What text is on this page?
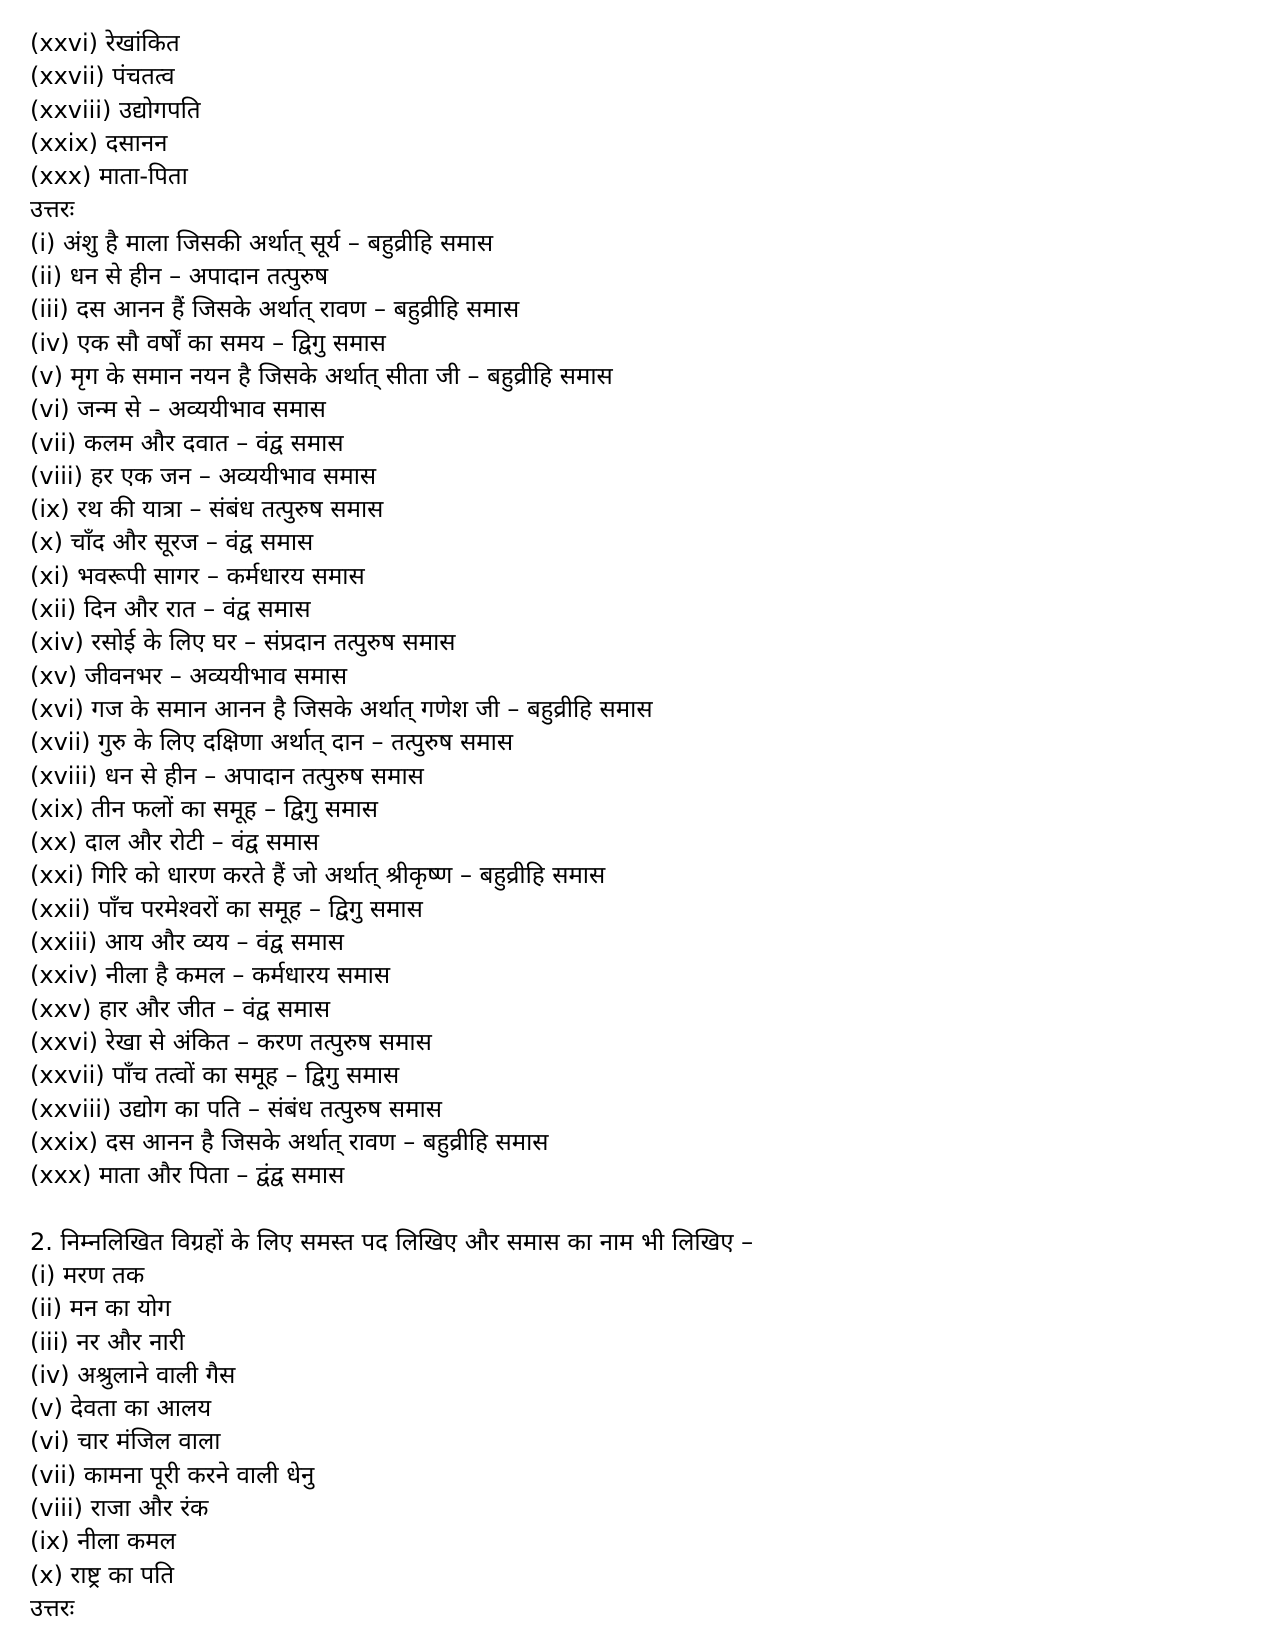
(xxvi) रेखांकित
(xxvii) पंचतत्व
(xxviii) उद्योगपति
(xxix) दसानन
(xxx) माता-पिता
उत्तरः
(i) अंशु है माला जिसकी अर्थात् सूर्य – बहुव्रीहि समास
(ii) धन से हीन – अपादान तत्पुरुष
(iii) दस आनन हैं जिसके अर्थात् रावण – बहुव्रीहि समास
(iv) एक सौ वर्षों का समय – द्विगु समास
(v) मृग के समान नयन है जिसके अर्थात् सीता जी – बहुव्रीहि समास
(vi) जन्म से – अव्ययीभाव समास
(vii) कलम और दवात – वंद्व समास
(viii) हर एक जन – अव्ययीभाव समास
(ix) रथ की यात्रा – संबंध तत्पुरुष समास
(x) चाँद और सूरज – वंद्व समास
(xi) भवरूपी सागर – कर्मधारय समास
(xii) दिन और रात – वंद्व समास
(xiv) रसोई के लिए घर – संप्रदान तत्पुरुष समास
(xv) जीवनभर – अव्ययीभाव समास
(xvi) गज के समान आनन है जिसके अर्थात् गणेश जी – बहुव्रीहि समास
(xvii) गुरु के लिए दक्षिणा अर्थात् दान – तत्पुरुष समास
(xviii) धन से हीन – अपादान तत्पुरुष समास
(xix) तीन फलों का समूह – द्विगु समास
(xx) दाल और रोटी – वंद्व समास
(xxi) गिरि को धारण करते हैं जो अर्थात् श्रीकृष्ण – बहुव्रीहि समास
(xxii) पाँच परमेश्वरों का समूह – द्विगु समास
(xxiii) आय और व्यय – वंद्व समास
(xxiv) नीला है कमल – कर्मधारय समास
(xxv) हार और जीत – वंद्व समास
(xxvi) रेखा से अंकित – करण तत्पुरुष समास
(xxvii) पाँच तत्वों का समूह – द्विगु समास
(xxviii) उद्योग का पति – संबंध तत्पुरुष समास
(xxix) दस आनन है जिसके अर्थात् रावण – बहुव्रीहि समास
(xxx) माता और पिता – द्वंद्व समास
2. निम्नलिखित विग्रहों के लिए समस्त पद लिखिए और समास का नाम भी लिखिए –
(i) मरण तक
(ii) मन का योग
(iii) नर और नारी
(iv) अश्रुलाने वाली गैस
(v) देवता का आलय
(vi) चार मंजिल वाला
(vii) कामना पूरी करने वाली धेनु
(viii) राजा और रंक
(ix) नीला कमल
(x) राष्ट्र का पति
उत्तरः
